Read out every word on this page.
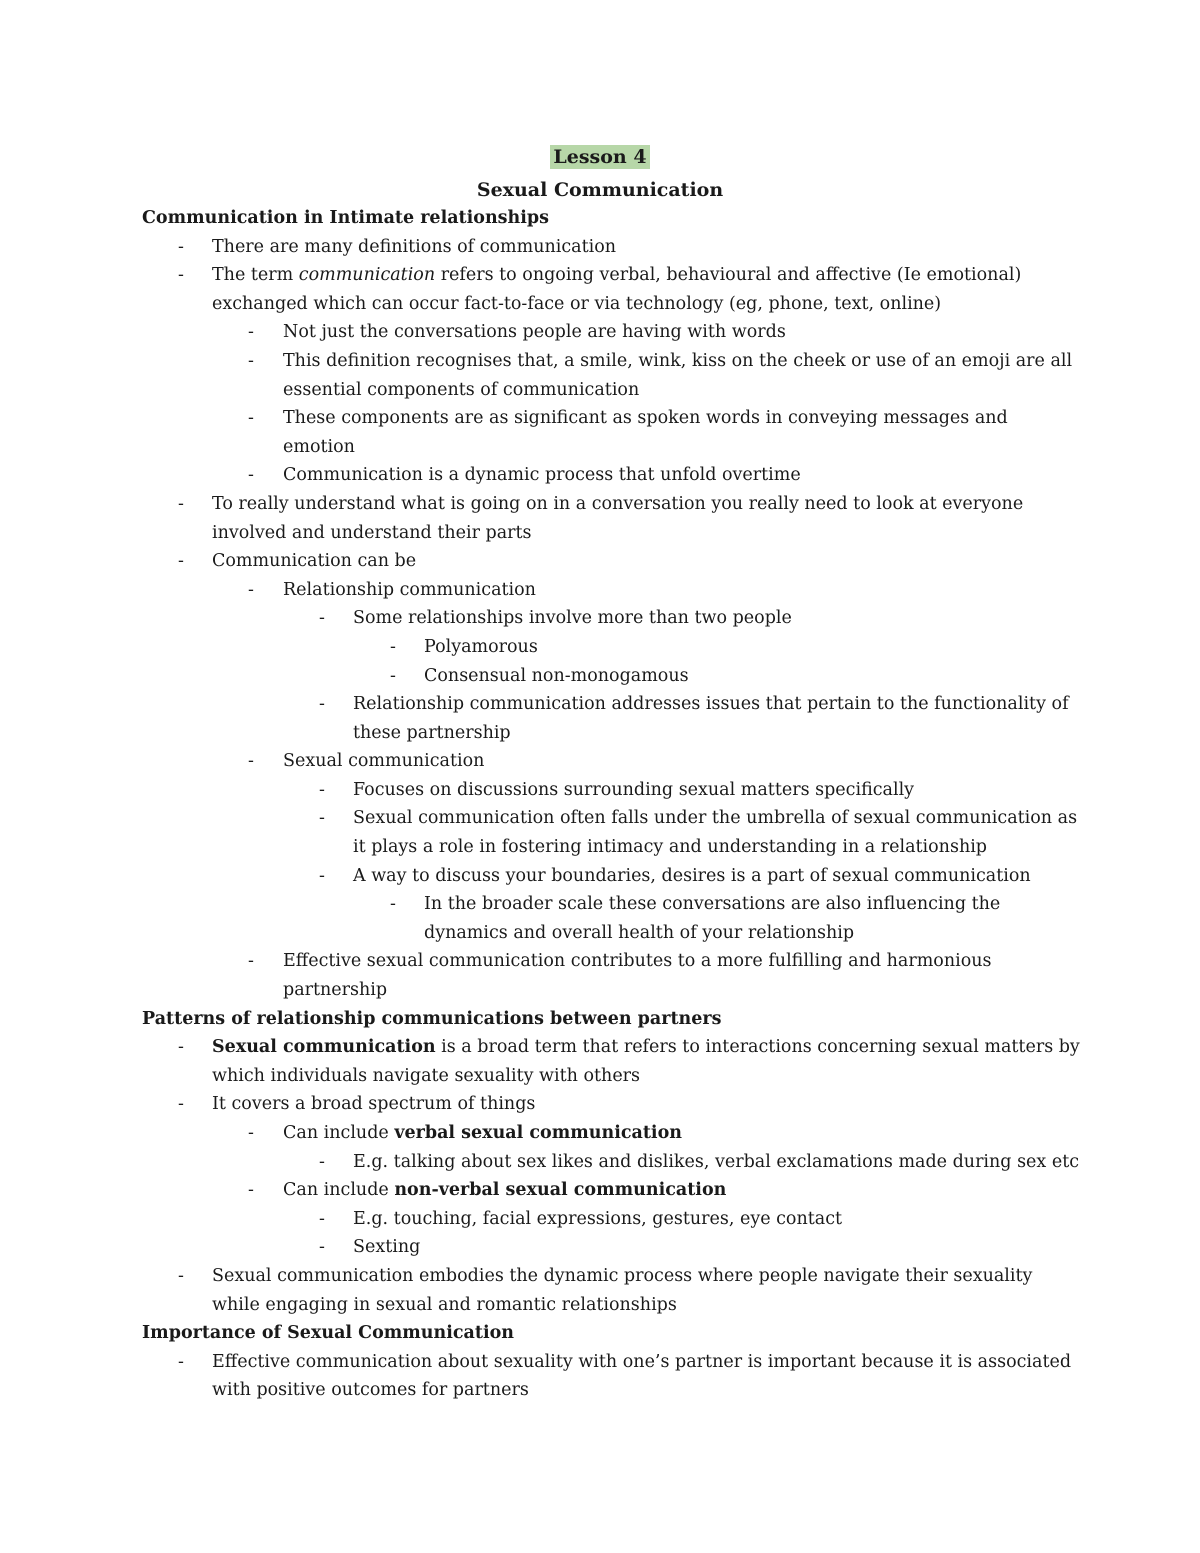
Lesson 4
Sexual Communication
Communication in Intimate relationships
- There are many definitions of communication
- The term communication refers to ongoing verbal, behavioural and affective (Ie emotional)
exchanged which can occur fact-to-face or via technology (eg, phone, text, online)
- Not just the conversations people are having with words
- This definition recognises that, a smile, wink, kiss on the cheek or use of an emoji are all
essential components of communication
- These components are as significant as spoken words in conveying messages and
emotion
- Communication is a dynamic process that unfold overtime
- To really understand what is going on in a conversation you really need to look at everyone
involved and understand their parts
- Communication can be
- Relationship communication
- Some relationships involve more than two people
- Polyamorous
- Consensual non-monogamous
- Relationship communication addresses issues that pertain to the functionality of
these partnership
- Sexual communication
- Focuses on discussions surrounding sexual matters specifically
- Sexual communication often falls under the umbrella of sexual communication as
it plays a role in fostering intimacy and understanding in a relationship
- A way to discuss your boundaries, desires is a part of sexual communication
- In the broader scale these conversations are also influencing the
dynamics and overall health of your relationship
- Effective sexual communication contributes to a more fulfilling and harmonious
partnership
Patterns of relationship communications between partners
- Sexual communication is a broad term that refers to interactions concerning sexual matters by
which individuals navigate sexuality with others
- It covers a broad spectrum of things
- Can include verbal sexual communication
- E.g. talking about sex likes and dislikes, verbal exclamations made during sex etc
- Can include non-verbal sexual communication
- E.g. touching, facial expressions, gestures, eye contact
- Sexting
- Sexual communication embodies the dynamic process where people navigate their sexuality
while engaging in sexual and romantic relationships
Importance of Sexual Communication
- Effective communication about sexuality with one’s partner is important because it is associated
with positive outcomes for partners
